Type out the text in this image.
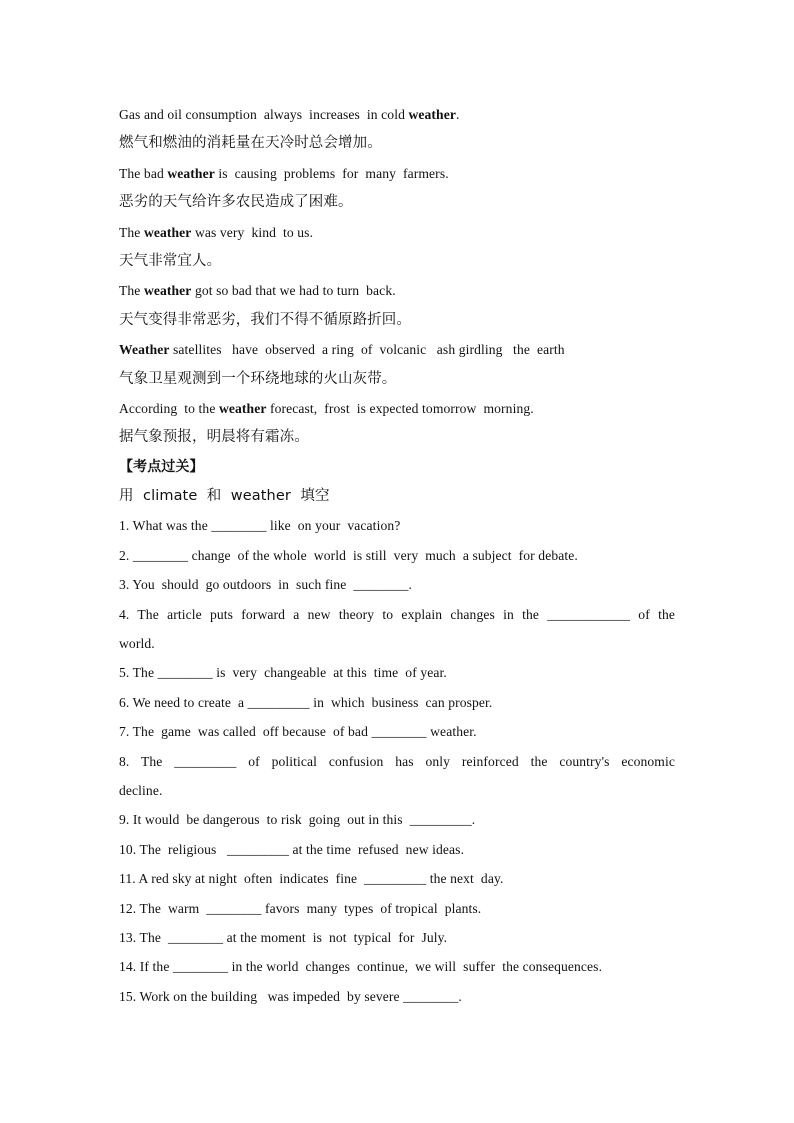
Gas and oil consumption  always  increases  in cold weather.
燃气和燃油的消耗量在天冷时总会增加。
The bad weather is  causing  problems  for  many  farmers.
恶劣的天气给许多农民造成了困难。
The weather was very  kind  to us.
天气非常宜人。
The weather got so bad that we had to turn  back.
天气变得非常恶劣，我们不得不循原路折回。
Weather satellites   have  observed  a ring  of  volcanic   ash girdling   the  earth
气象卫星观测到一个环绕地球的火山灰带。
According  to the weather forecast,  frost  is expected tomorrow  morning.
据气象预报，明晨将有霜冻。
【考点过关】
用  climate  和  weather  填空
1. What was the ________ like  on your  vacation?
2. ________ change  of the whole  world  is still  very  much  a subject  for debate.
3. You  should  go outdoors  in  such fine  ________.
4. The article puts forward a new theory to explain changes in the ____________ of the
world.
5. The ________ is  very  changeable  at this  time  of year.
6. We need to create  a _________ in  which  business  can prosper.
7. The  game  was called  off because  of bad ________ weather.
8. The _________ of political confusion has only reinforced the country's economic
decline.
9. It would  be dangerous  to risk  going  out in this  _________.
10. The  religious   _________ at the time  refused  new ideas.
11. A red sky at night  often  indicates  fine  _________ the next  day.
12. The  warm  ________ favors  many  types  of tropical  plants.
13. The  ________ at the moment  is  not  typical  for  July.
14. If the ________ in the world  changes  continue,  we will  suffer  the consequences.
15. Work on the building   was impeded  by severe ________.
